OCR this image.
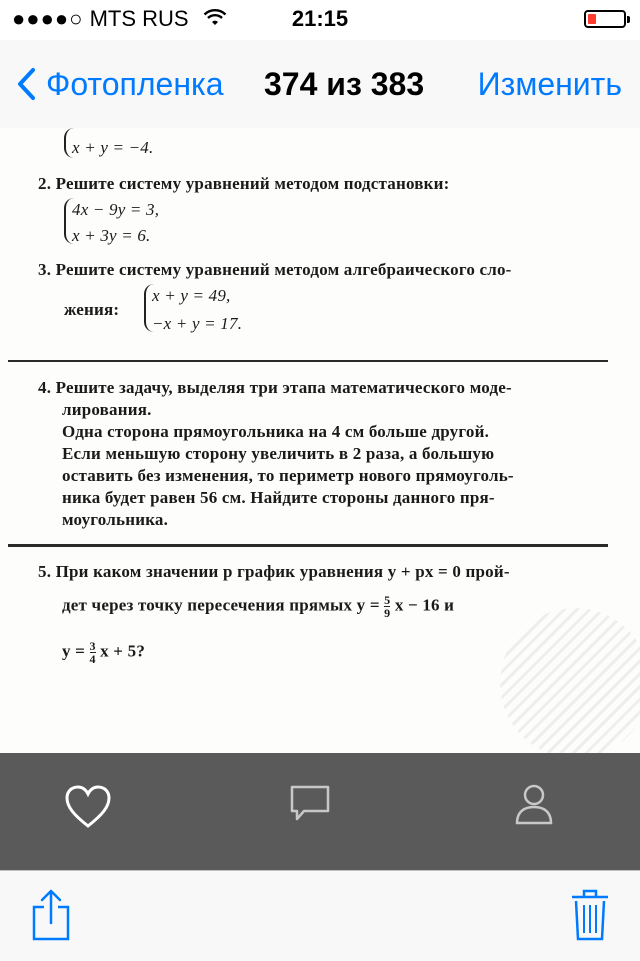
●●●●○ MTS RUS	21:15
Фотопленка 374 из 383 Изменить
x + y = −4.
2. Решите систему уравнений методом подстановки:
4x − 9y = 3,
x + 3y = 6.
3. Решите систему уравнений методом алгебраического сло-
жения:
x + y = 49,
−x + y = 17.
4. Решите задачу, выделяя три этапа математического моде-
лирования.
Одна сторона прямоугольника на 4 см больше другой.
Если меньшую сторону увеличить в 2 раза, а большую
оставить без изменения, то периметр нового прямоуголь-
ника будет равен 56 см. Найдите стороны данного пря-
моугольника.
5. При каком значении p график уравнения y + px = 0 прой-
дет через точку пересечения прямых $y = \frac{5}{9}$ x − 16 и
$y = \frac{3}{4}$ x + 5?
